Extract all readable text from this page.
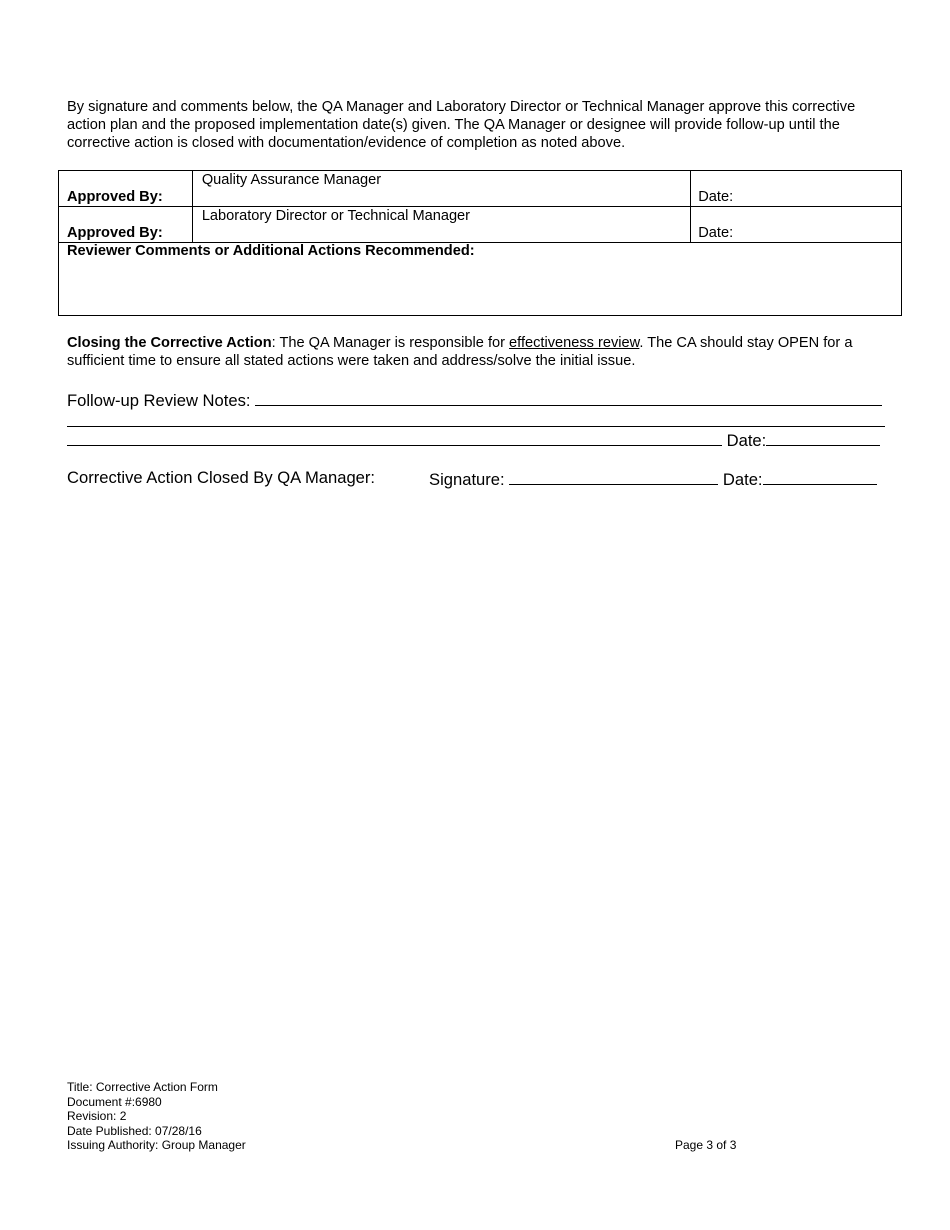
By signature and comments below, the QA Manager and Laboratory Director or Technical Manager approve this corrective action plan and the proposed implementation date(s) given. The QA Manager or designee will provide follow-up until the corrective action is closed with documentation/evidence of completion as noted above.

Approved By:	Quality Assurance Manager	Date:

Approved By:	Laboratory Director or Technical Manager	Date:

Reviewer Comments or Additional Actions Recommended:		

Closing the Corrective Action: The QA Manager is responsible for effectiveness review. The CA should stay OPEN for a sufficient time to ensure all stated actions were taken and address/solve the initial issue.

Follow-up Review Notes:
Date:
Corrective Action Closed By QA Manager:	Signature:	Date:
Title: Corrective Action Form
Document #:6980
Revision: 2
Date Published: 07/28/16
Issuing Authority: Group Manager	Page 3 of 3
